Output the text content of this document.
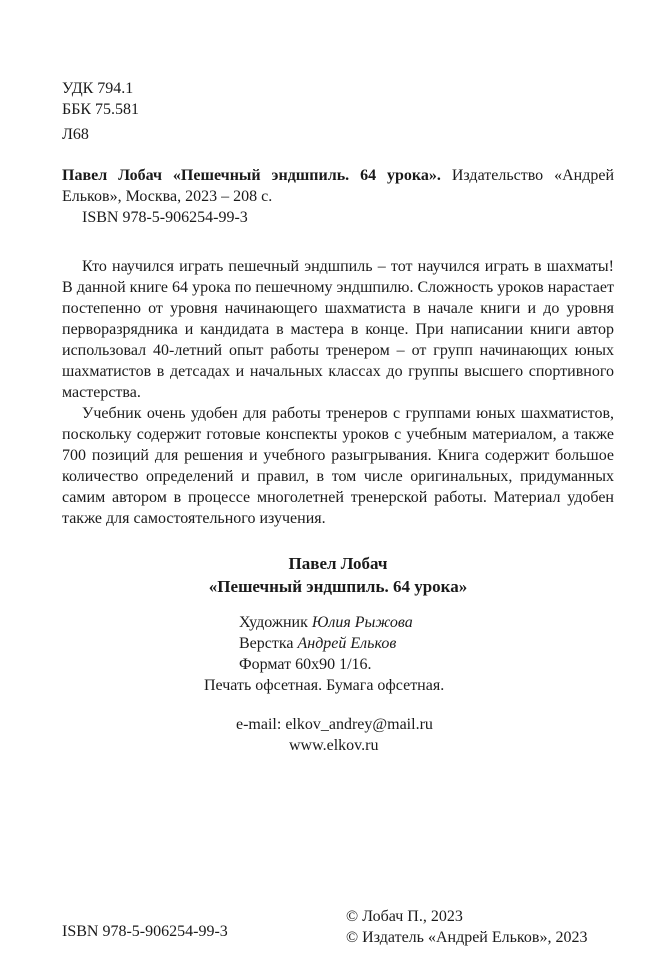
УДК 794.1
ББК 75.581
Л68
Павел Лобач «Пешечный эндшпиль. 64 урока». Издательство «Андрей Ельков», Москва, 2023 – 208 с.
ISBN 978-5-906254-99-3

Кто научился играть пешечный эндшпиль – тот научился играть в шахматы! В данной книге 64 урока по пешечному эндшпилю. Сложность уроков нарастает постепенно от уровня начинающего шахматиста в начале книги и до уровня перворазрядника и кандидата в мастера в конце. При написании книги автор использовал 40-летний опыт работы тренером – от групп начинающих юных шахматистов в детсадах и начальных классах до группы высшего спортивного мастерства.

Учебник очень удобен для работы тренеров с группами юных шахматистов, поскольку содержит готовые конспекты уроков с учебным материалом, а также 700 позиций для решения и учебного разыгрывания. Книга содержит большое количество определений и правил, в том числе оригинальных, придуманных самим автором в процессе многолетней тренерской работы. Материал удобен также для самостоятельного изучения.

Павел Лобач
«Пешечный эндшпиль. 64 урока»
Художник Юлия Рыжова
Верстка Андрей Ельков
Формат 60х90 1/16.
Печать офсетная. Бумага офсетная.
e-mail: elkov_andrey@mail.ru
www.elkov.ru
ISBN 978-5-906254-99-3
© Лобач П., 2023
© Издатель «Андрей Ельков», 2023
